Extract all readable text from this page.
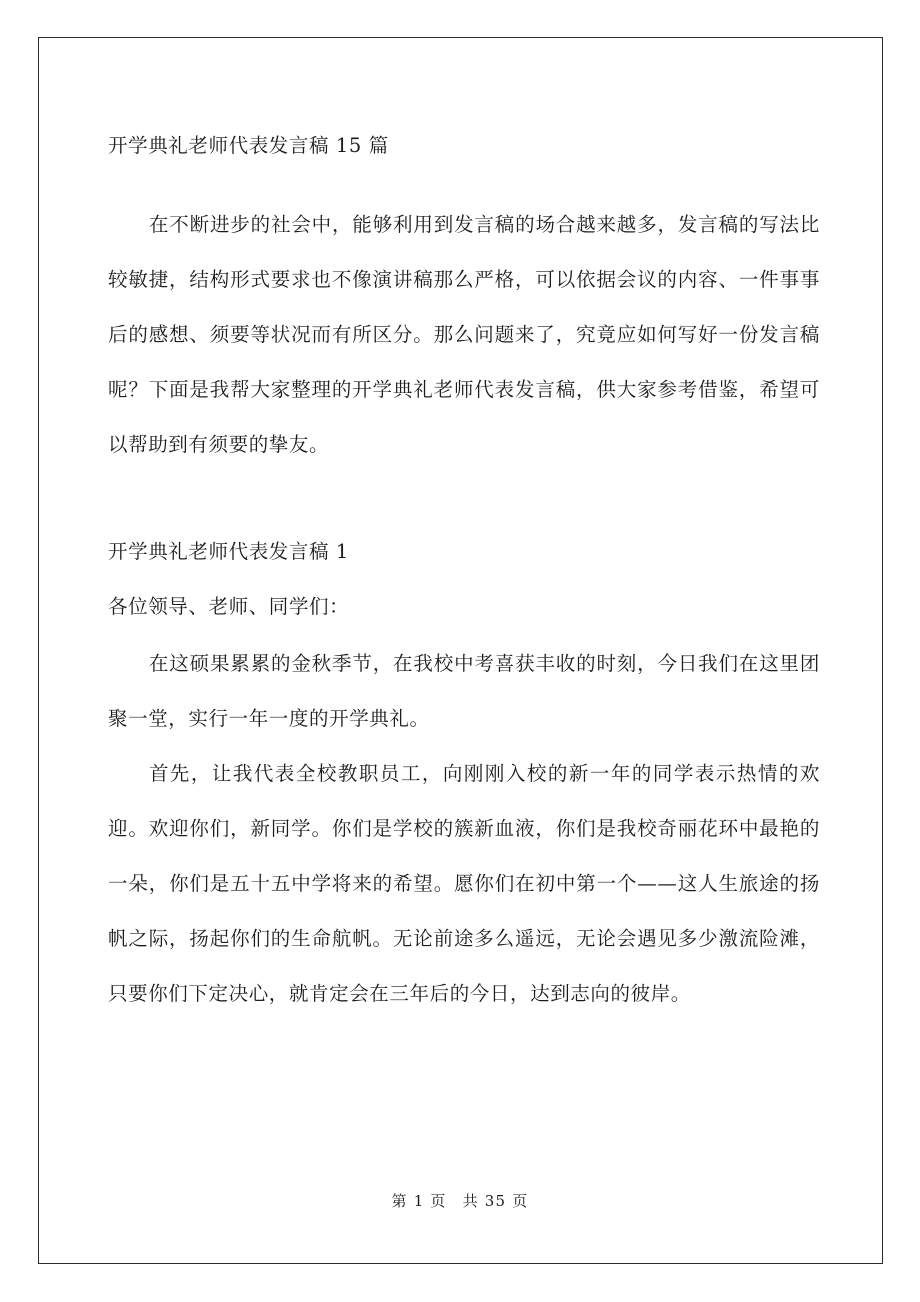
开学典礼老师代表发言稿 15 篇

在不断进步的社会中，能够利用到发言稿的场合越来越多，发言稿的写法比较敏捷，结构形式要求也不像演讲稿那么严格，可以依据会议的内容、一件事事后的感想、须要等状况而有所区分。那么问题来了，究竟应如何写好一份发言稿呢？下面是我帮大家整理的开学典礼老师代表发言稿，供大家参考借鉴，希望可以帮助到有须要的挚友。

开学典礼老师代表发言稿 1

各位领导、老师、同学们：

在这硕果累累的金秋季节，在我校中考喜获丰收的时刻，今日我们在这里团聚一堂，实行一年一度的开学典礼。

首先，让我代表全校教职员工，向刚刚入校的新一年的同学表示热情的欢迎。欢迎你们，新同学。你们是学校的簇新血液，你们是我校奇丽花环中最艳的一朵，你们是五十五中学将来的希望。愿你们在初中第一个——这人生旅途的扬帆之际，扬起你们的生命航帆。无论前途多么遥远，无论会遇见多少激流险滩，只要你们下定决心，就肯定会在三年后的今日，达到志向的彼岸。

第 1 页 共 35 页
